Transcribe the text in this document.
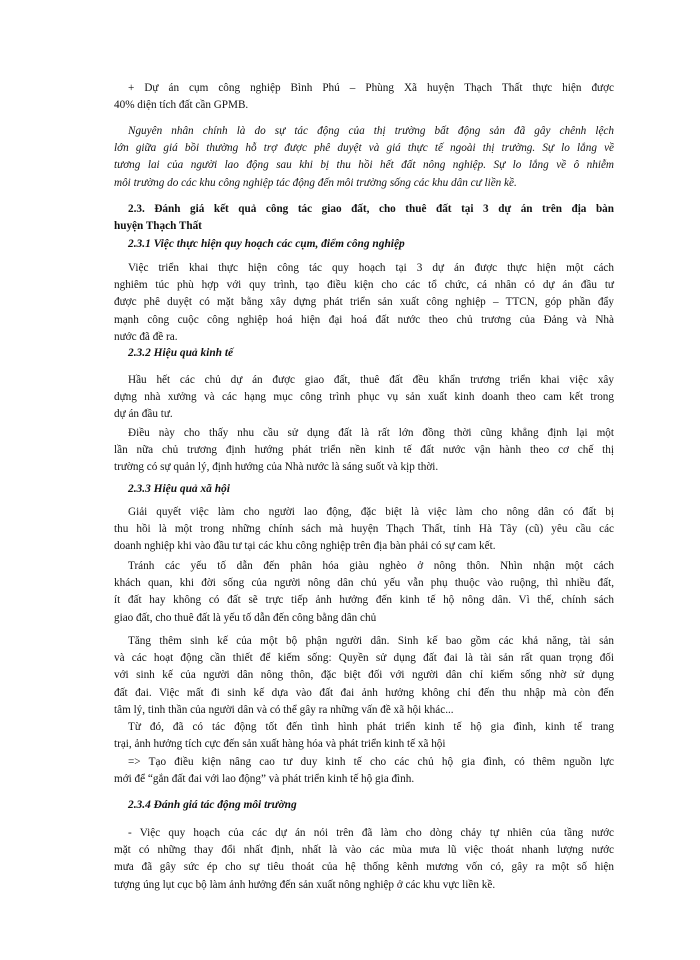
+ Dự án cụm công nghiệp Bình Phú – Phùng Xã huyện Thạch Thất thực hiện được
40% diện tích đất cần GPMB.

Nguyên nhân chính là do sự tác động của thị trường bất động sản đã gây chênh lệch
lớn giữa giá bồi thường hỗ trợ được phê duyệt và giá thực tế ngoài thị trường. Sự lo lắng về
tương lai của người lao động sau khi bị thu hồi hết đất nông nghiệp. Sự lo lắng về ô nhiễm
môi trường do các khu công nghiệp tác động đến môi trường sống các khu dân cư liền kề.

2.3. Đánh giá kết quả công tác giao đất, cho thuê đất tại 3 dự án trên địa bàn
huyện Thạch Thất

2.3.1 Việc thực hiện quy hoạch các cụm, điểm công nghiệp

Việc triển khai thực hiện công tác quy hoạch tại 3 dự án được thực hiện một cách
nghiêm túc phù hợp với quy trình, tạo điều kiện cho các tổ chức, cá nhân có dự án đầu tư
được phê duyệt có mặt bằng xây dựng phát triển sản xuất công nghiệp – TTCN, góp phần đẩy
mạnh công cuộc công nghiệp hoá hiện đại hoá đất nước theo chủ trương của Đảng và Nhà
nước đã đề ra.

2.3.2 Hiệu quả kinh tế

Hầu hết các chủ dự án được giao đất, thuê đất đều khẩn trương triển khai việc xây
dựng nhà xưởng và các hạng mục công trình phục vụ sản xuất kinh doanh theo cam kết trong
dự án đầu tư.

Điều này cho thấy nhu cầu sử dụng đất là rất lớn đồng thời cũng khẳng định lại một
lần nữa chủ trương định hướng phát triển nền kinh tế đất nước vận hành theo cơ chế thị
trường có sự quản lý, định hướng của Nhà nước là sáng suốt và kịp thời.

2.3.3 Hiệu quả xã hội

Giải quyết việc làm cho người lao động, đặc biệt là việc làm cho nông dân có đất bị
thu hồi là một trong những chính sách mà huyện Thạch Thất, tỉnh Hà Tây (cũ) yêu cầu các
doanh nghiệp khi vào đầu tư tại các khu công nghiệp trên địa bàn phải có sự cam kết.

Tránh các yếu tố dẫn đến phân hóa giàu nghèo ở nông thôn. Nhìn nhận một cách
khách quan, khi đời sống của người nông dân chủ yếu vẫn phụ thuộc vào ruộng, thì nhiều đất,
ít đất hay không có đất sẽ trực tiếp ảnh hưởng đến kinh tế hộ nông dân. Vì thế, chính sách
giao đất, cho thuê đất là yếu tố dẫn đến công bằng dân chủ

Tăng thêm sinh kế của một bộ phận người dân. Sinh kế bao gồm các khả năng, tài sản
và các hoạt động cần thiết để kiếm sống: Quyền sử dụng đất đai là tài sản rất quan trọng đối
với sinh kế của người dân nông thôn, đặc biệt đối với người dân chỉ kiếm sống nhờ sử dụng
đất đai. Việc mất đi sinh kế dựa vào đất đai ảnh hưởng không chỉ đến thu nhập mà còn đến
tâm lý, tinh thần của người dân và có thể gây ra những vấn đề xã hội khác...

Từ đó, đã có tác động tốt đến tình hình phát triển kinh tế hộ gia đình, kinh tế trang
trại, ảnh hưởng tích cực đến sản xuất hàng hóa và phát triển kinh tế xã hội

=> Tạo điều kiện nâng cao tư duy kinh tế cho các chủ hộ gia đình, có thêm nguồn lực
mới để “gắn đất đai với lao động” và phát triển kinh tế hộ gia đình.

2.3.4 Đánh giá tác động môi trường

- Việc quy hoạch của các dự án nói trên đã làm cho dòng chảy tự nhiên của tầng nước
mặt có những thay đổi nhất định, nhất là vào các mùa mưa lũ việc thoát nhanh lượng nước
mưa đã gây sức ép cho sự tiêu thoát của hệ thống kênh mương vốn có, gây ra một số hiện
tượng úng lụt cục bộ làm ảnh hưởng đến sản xuất nông nghiệp ở các khu vực liền kề.
